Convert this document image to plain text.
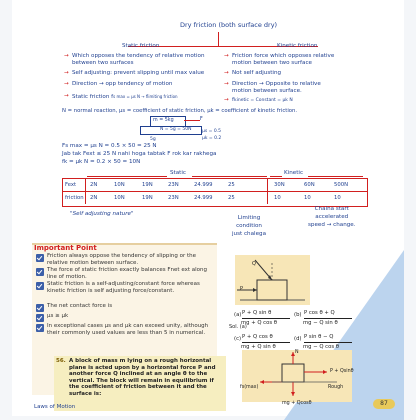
Dry friction (both surface dry)
Static friction	Kinetic friction
→ Which opposes the tendency of relative motion
between two surfaces
→ Self adjusting: prevent slipping until max value
→ Direction → opp tendency of motion
→ Static friction fs max = μs N → flimiting friction
→ Friction force which opposes relative
motion between two surface
→ Not self adjusting
→ Direction → Opposite to relative
motion between surface.
→ fkinetic = Constant = μk N
N = normal reaction, μs = coefficient of static friction, μk = coefficient of kinetic friction.
m = 5kg	F
N = 5g = 50N
5g
μs = 0.5
μk = 0.2
Fs max = μs N = 0.5 × 50 = 25 N
Jab tak Fext ≤ 25 N nahi hoga tabtak F rok kar rakhega
fk = μk N = 0.2 × 50 = 10N
Static	Kinetic
Fext
friction
2N	10N	19N	23N	24.999	25	30N	60N	500N
2N	10N	19N	23N	24.999	25	10	10	10
"Self adjusting nature"
Limiting
condition
just chalega
Chalna start
accelerated
speed → change.
Important Point
Friction always oppose the tendency of slipping or the relative motion between surface.
The force of static friction exactly balances Fnet ext along line of motion.
Static friction is a self-adjusting/constant force whereas kinetic friction is self adjusting force/constant.
The net contact force is
μs ≥ μk
In exceptional cases μs and μk can exceed unity, although their commonly used values are less than 5 in numerical.
56. A block of mass m lying on a rough horizontal plane is acted upon by a horizontal force P and another force Q inclined at an angle θ to the vertical. The block will remain in equilibrium if the coefficient of friction between it and the surface is:
P
Q
(a) P + Q sin θ
mg + Q cos θ
(b) P cos θ + Q
mg − Q sin θ
(c) P + Q cos θ
mg + Q sin θ
(d) P sin θ − Q
mg − Q cos θ
Sol. (a)
N
P + Qsinθ
mg + Qcosθ
fs(max)	Rough
Laws of Motion	87
